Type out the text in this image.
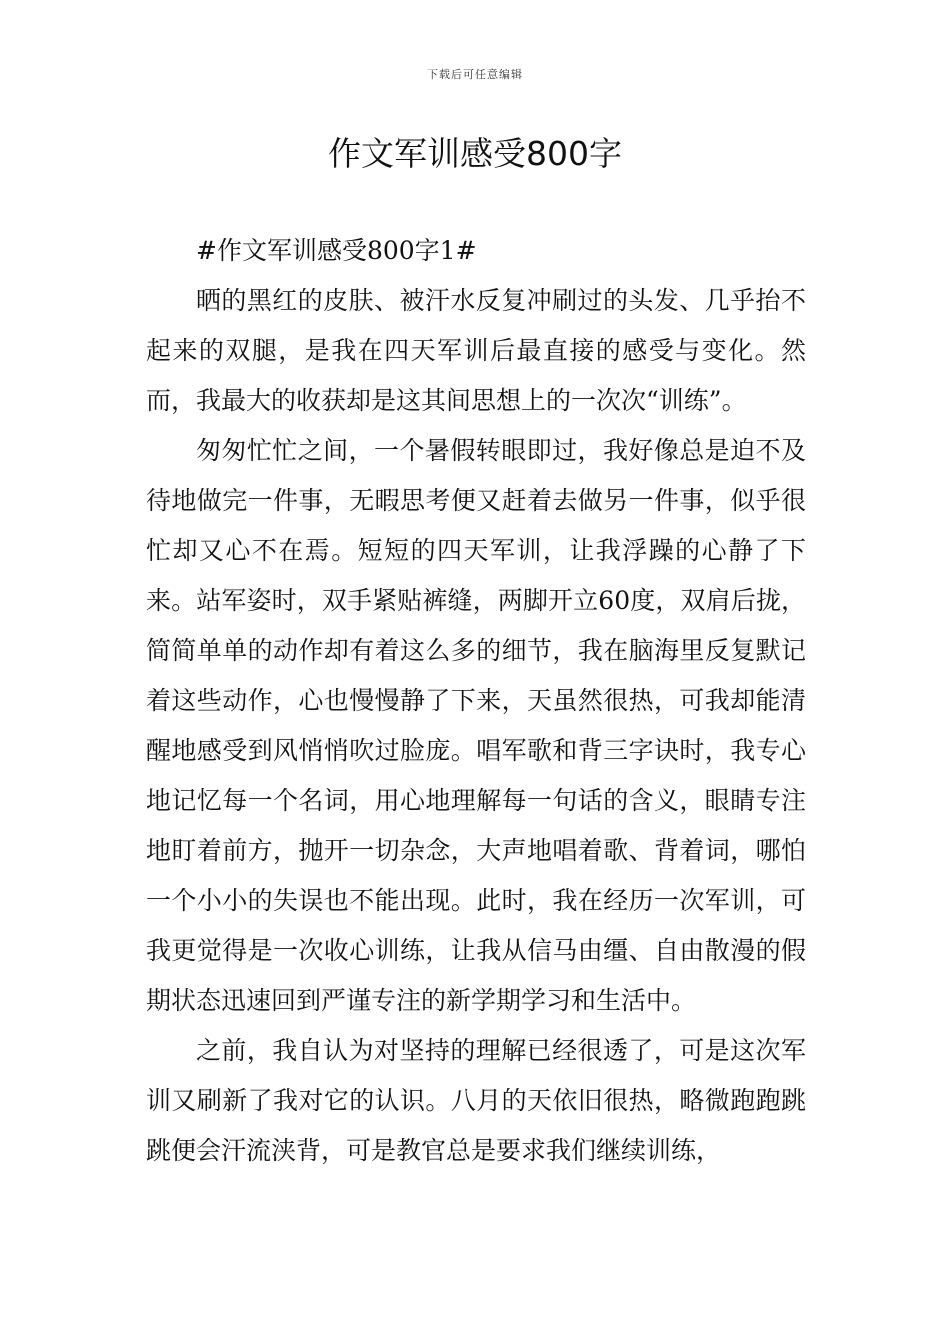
下载后可任意编辑
作文军训感受800字

#作文军训感受800字1#

晒的黑红的皮肤、被汗水反复冲刷过的头发、几乎抬不起来的双腿，是我在四天军训后最直接的感受与变化。然而，我最大的收获却是这其间思想上的一次次“训练”。

匆匆忙忙之间，一个暑假转眼即过，我好像总是迫不及待地做完一件事，无暇思考便又赶着去做另一件事，似乎很忙却又心不在焉。短短的四天军训，让我浮躁的心静了下来。站军姿时，双手紧贴裤缝，两脚开立60度，双肩后拢，简简单单的动作却有着这么多的细节，我在脑海里反复默记着这些动作，心也慢慢静了下来，天虽然很热，可我却能清醒地感受到风悄悄吹过脸庞。唱军歌和背三字诀时，我专心地记忆每一个名词，用心地理解每一句话的含义，眼睛专注地盯着前方，抛开一切杂念，大声地唱着歌、背着词，哪怕一个小小的失误也不能出现。此时，我在经历一次军训，可我更觉得是一次收心训练，让我从信马由缰、自由散漫的假期状态迅速回到严谨专注的新学期学习和生活中。

之前，我自认为对坚持的理解已经很透了，可是这次军训又刷新了我对它的认识。八月的天依旧很热，略微跑跑跳跳便会汗流浃背，可是教官总是要求我们继续训练，
